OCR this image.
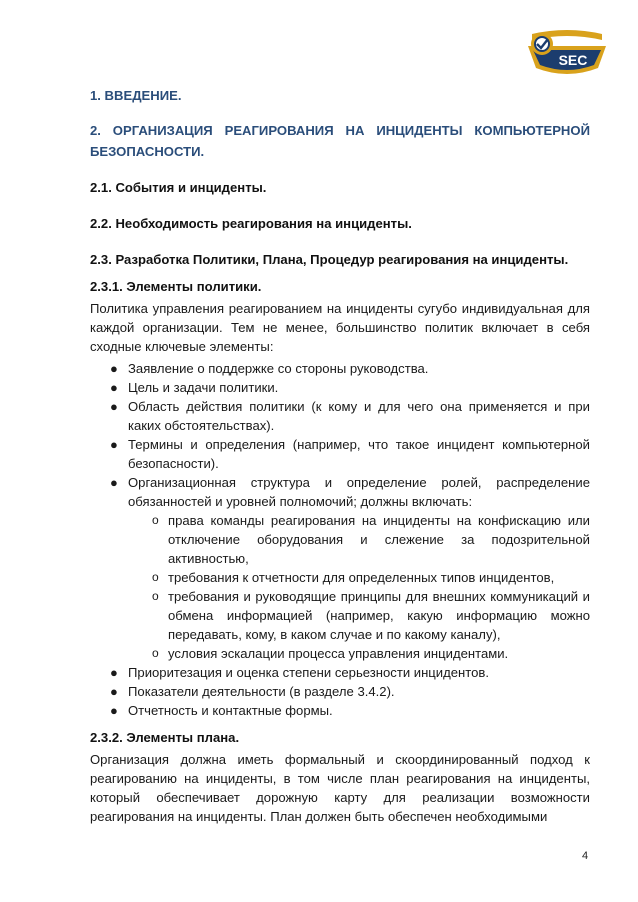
SEC

1. ВВЕДЕНИЕ.

2. ОРГАНИЗАЦИЯ РЕАГИРОВАНИЯ НА ИНЦИДЕНТЫ КОМПЬЮТЕРНОЙ БЕЗОПАСНОСТИ.

2.1. События и инциденты.

2.2. Необходимость реагирования на инциденты.

2.3. Разработка Политики, Плана, Процедур реагирования на инциденты.

2.3.1. Элементы политики.

Политика управления реагированием на инциденты сугубо индивидуальная для каждой организации. Тем не менее, большинство политик включает в себя сходные ключевые элементы:

● Заявление о поддержке со стороны руководства.
● Цель и задачи политики.
● Область действия политики (к кому и для чего она применяется и при каких обстоятельствах).
● Термины и определения (например, что такое инцидент компьютерной безопасности).
● Организационная структура и определение ролей, распределение обязанностей и уровней полномочий; должны включать:
o права команды реагирования на инциденты на конфискацию или отключение оборудования и слежение за подозрительной активностью,
o требования к отчетности для определенных типов инцидентов,
o требования и руководящие принципы для внешних коммуникаций и обмена информацией (например, какую информацию можно передавать, кому, в каком случае и по какому каналу),
o условия эскалации процесса управления инцидентами.
● Приоритезация и оценка степени серьезности инцидентов.
● Показатели деятельности (в разделе 3.4.2).
● Отчетность и контактные формы.

2.3.2. Элементы плана.

Организация должна иметь формальный и скоординированный подход к реагированию на инциденты, в том числе план реагирования на инциденты, который обеспечивает дорожную карту для реализации возможности реагирования на инциденты. План должен быть обеспечен необходимыми

4
